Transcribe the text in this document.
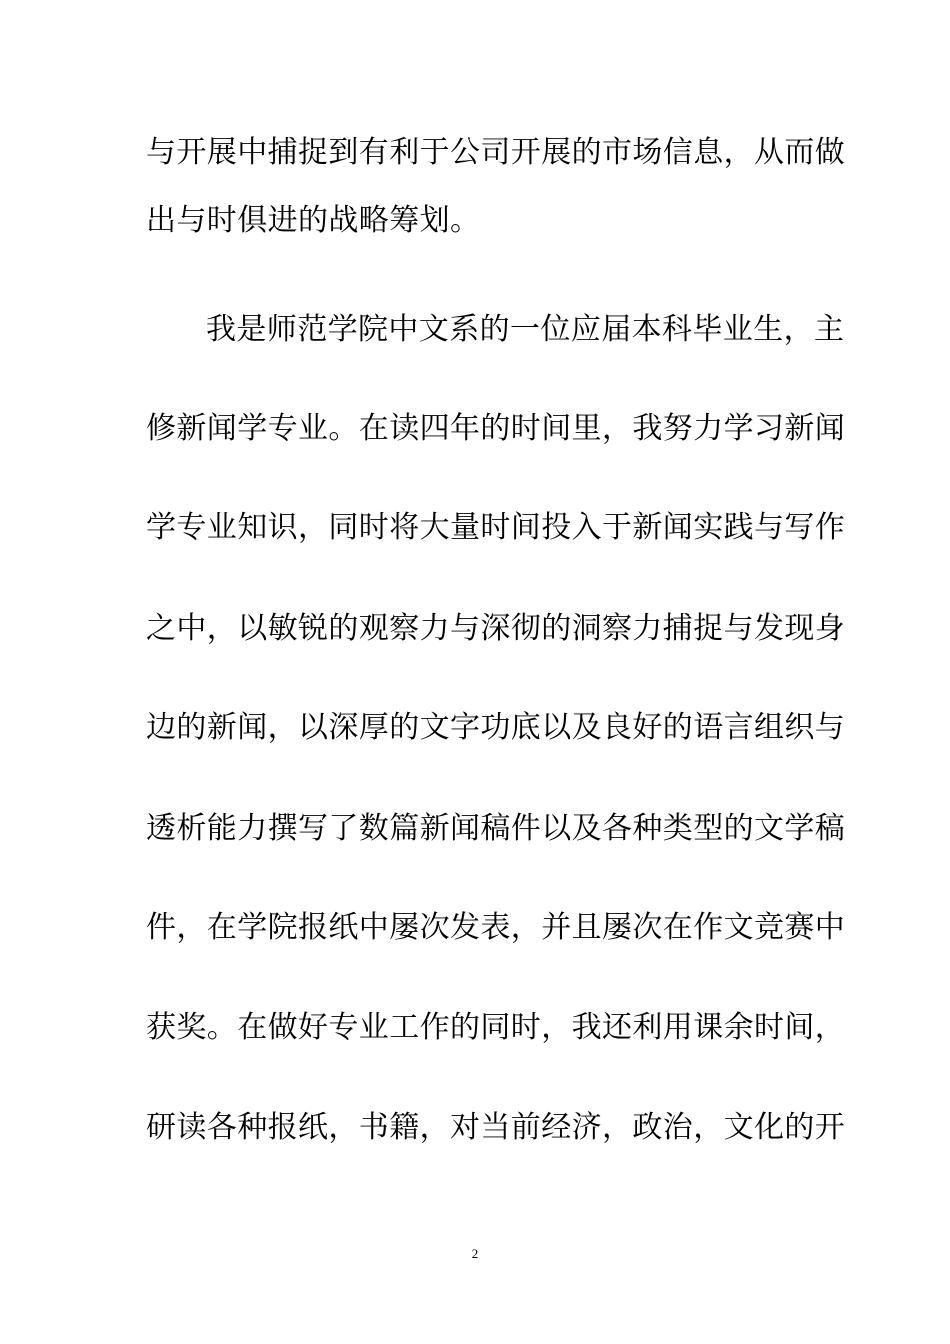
与开展中捕捉到有利于公司开展的市场信息，从而做
出与时俱进的战略筹划。
我是师范学院中文系的一位应届本科毕业生，主
修新闻学专业。在读四年的时间里，我努力学习新闻
学专业知识，同时将大量时间投入于新闻实践与写作
之中，以敏锐的观察力与深彻的洞察力捕捉与发现身
边的新闻，以深厚的文字功底以及良好的语言组织与
透析能力撰写了数篇新闻稿件以及各种类型的文学稿
件，在学院报纸中屡次发表，并且屡次在作文竞赛中
获奖。在做好专业工作的同时，我还利用课余时间，
研读各种报纸，书籍，对当前经济，政治，文化的开
2
